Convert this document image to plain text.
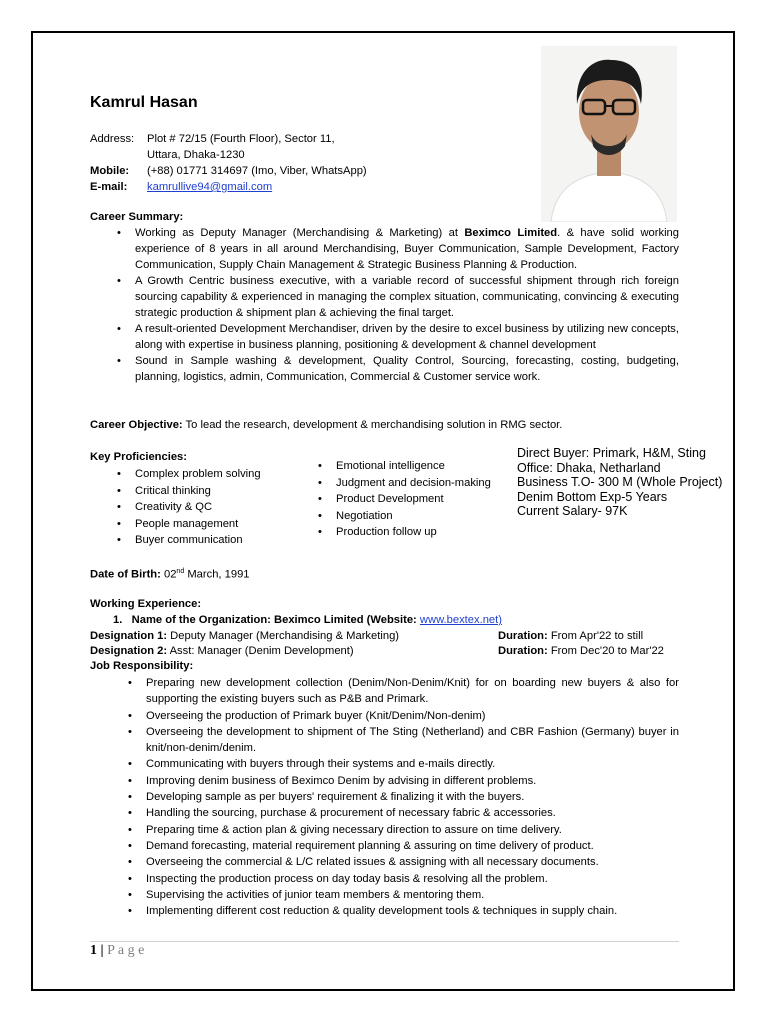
Kamrul Hasan
Address: Plot # 72/15 (Fourth Floor), Sector 11,
Uttara, Dhaka-1230
Mobile: (+88) 01771 314697 (Imo, Viber, WhatsApp)
E-mail: kamrullive94@gmail.com
Career Summary:
• Working as Deputy Manager (Merchandising & Marketing) at Beximco Limited. & have solid working experience of 8 years in all around Merchandising, Buyer Communication, Sample Development, Factory Communication, Supply Chain Management & Strategic Business Planning & Production.
• A Growth Centric business executive, with a variable record of successful shipment through rich foreign sourcing capability & experienced in managing the complex situation, communicating, convincing & executing strategic production & shipment plan & achieving the final target.
• A result-oriented Development Merchandiser, driven by the desire to excel business by utilizing new concepts, along with expertise in business planning, positioning & development & channel development
• Sound in Sample washing & development, Quality Control, Sourcing, forecasting, costing, budgeting, planning, logistics, admin, Communication, Commercial & Customer service work.
Career Objective: To lead the research, development & merchandising solution in RMG sector.
Key Proficiencies:
• Complex problem solving
• Critical thinking
• Creativity & QC
• People management
• Buyer communication
• Emotional intelligence
• Judgment and decision-making
• Product Development
• Negotiation
• Production follow up
Direct Buyer: Primark, H&M, Sting
Office: Dhaka, Netharland
Business T.O- 300 M (Whole Project)
Denim Bottom Exp-5 Years
Current Salary- 97K
Date of Birth: 02nd March, 1991
Working Experience:
1. Name of the Organization: Beximco Limited (Website: www.bextex.net)
Designation 1: Deputy Manager (Merchandising & Marketing)	Duration: From Apr'22 to still
Designation 2: Asst: Manager (Denim Development)	Duration: From Dec'20 to Mar'22
Job Responsibility:
• Preparing new development collection (Denim/Non-Denim/Knit) for on boarding new buyers & also for supporting the existing buyers such as P&B and Primark.
• Overseeing the production of Primark buyer (Knit/Denim/Non-denim)
• Overseeing the development to shipment of The Sting (Netherland) and CBR Fashion (Germany) buyer in knit/non-denim/denim.
• Communicating with buyers through their systems and e-mails directly.
• Improving denim business of Beximco Denim by advising in different problems.
• Developing sample as per buyers' requirement & finalizing it with the buyers.
• Handling the sourcing, purchase & procurement of necessary fabric & accessories.
• Preparing time & action plan & giving necessary direction to assure on time delivery.
• Demand forecasting, material requirement planning & assuring on time delivery of product.
• Overseeing the commercial & L/C related issues & assigning with all necessary documents.
• Inspecting the production process on day today basis & resolving all the problem.
• Supervising the activities of junior team members & mentoring them.
• Implementing different cost reduction & quality development tools & techniques in supply chain.
1 | P a g e
